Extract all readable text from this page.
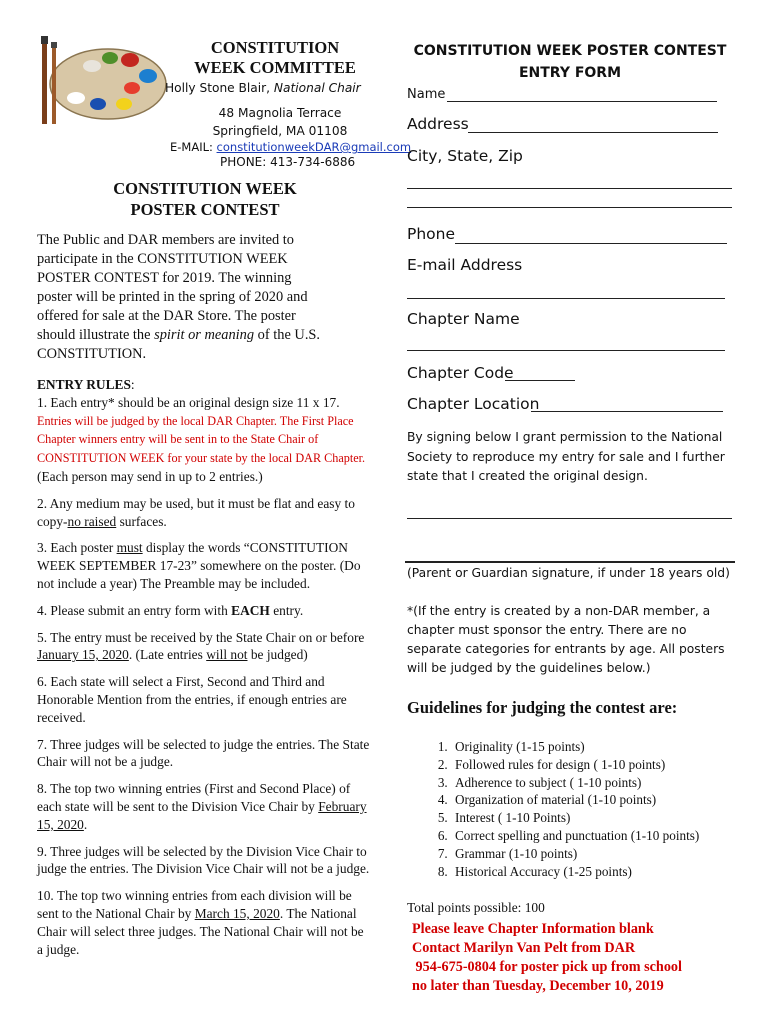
CONSTITUTION
WEEK COMMITTEE
Holly Stone Blair, National Chair
48 Magnolia Terrace
Springfield, MA 01108
E-MAIL: constitutionweekDAR@gmail.com
PHONE: 413-734-6886
CONSTITUTION WEEK
POSTER CONTEST
The Public and DAR members are invited to participate in the CONSTITUTION WEEK POSTER CONTEST for 2019. The winning poster will be printed in the spring of 2020 and offered for sale at the DAR Store. The poster should illustrate the spirit or meaning of the U.S. CONSTITUTION.
ENTRY RULES:

1. Each entry* should be an original design size 11 x 17.
Entries will be judged by the local DAR Chapter. The First Place Chapter winners entry will be sent in to the State Chair of CONSTITUTION WEEK for your state by the local DAR Chapter. (Each person may send in up to 2 entries.)

2. Any medium may be used, but it must be flat and easy to copy-no raised surfaces.

3. Each poster must display the words “CONSTITUTION WEEK SEPTEMBER 17-23” somewhere on the poster. (Do not include a year) The Preamble may be included.

4. Please submit an entry form with EACH entry.

5. The entry must be received by the State Chair on or before January 15, 2020. (Late entries will not be judged)

6. Each state will select a First, Second and Third and Honorable Mention from the entries, if enough entries are received.

7. Three judges will be selected to judge the entries. The State Chair will not be a judge.

8. The top two winning entries (First and Second Place) of each state will be sent to the Division Vice Chair by February 15, 2020.

9. Three judges will be selected by the Division Vice Chair to judge the entries. The Division Vice Chair will not be a judge.

10. The top two winning entries from each division will be sent to the National Chair by March 15, 2020. The National Chair will select three judges. The National Chair will not be a judge.

CONSTITUTION WEEK POSTER CONTEST
ENTRY FORM
Name
Address
City, State, Zip
Phone
E-mail Address
Chapter Name
Chapter Code
Chapter Location
By signing below I grant permission to the National Society to reproduce my entry for sale and I further state that I created the original design.
(Parent or Guardian signature, if under 18 years old)
*(If the entry is created by a non-DAR member, a chapter must sponsor the entry. There are no separate categories for entrants by age. All posters will be judged by the guidelines below.)
Guidelines for judging the contest are:
1. Originality (1-15 points)
2. Followed rules for design ( 1-10 points)
3. Adherence to subject ( 1-10 points)
4. Organization of material (1-10 points)
5. Interest ( 1-10 Points)
6. Correct spelling and punctuation (1-10 points)
7. Grammar (1-10 points)
8. Historical Accuracy (1-25 points)
Total points possible: 100
Please leave Chapter Information blank
Contact Marilyn Van Pelt from DAR
954-675-0804 for poster pick up from school
no later than Tuesday, December 10, 2019
